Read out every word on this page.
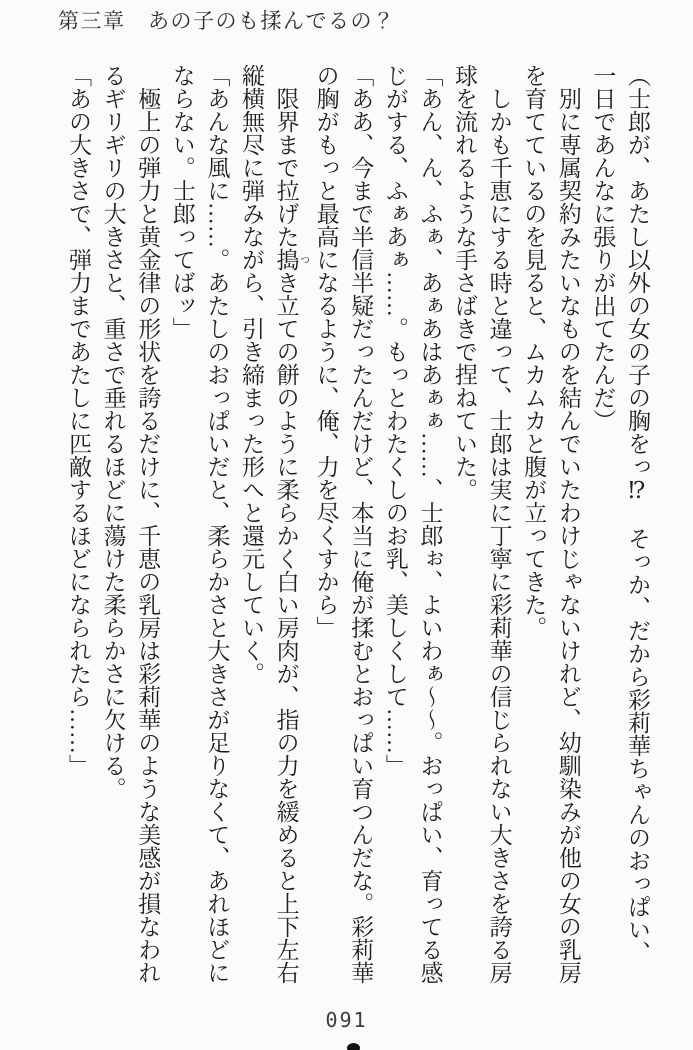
第三章　あの子のも揉んでるの？

（士郎が、あたし以外の女の子の胸をっ⁉　そっか、だから彩莉華ちゃんのおっぱい、一日であんなに張りが出てたんだ）

　別に専属契約みたいなものを結んでいたわけじゃないけれど、幼馴染みが他の女の乳房を育てているのを見ると、ムカムカと腹が立ってきた。

　しかも千恵にする時と違って、士郎は実に丁寧に彩莉華の信じられない大きさを誇る房球を流れるような手さばきで捏ねていた。

「あん、ん、ふぁ、あぁあはあぁぁ……、士郎ぉ、よいわぁ～～。おっぱい、育ってる感じがする、ふぁあぁ……。もっとわたくしのお乳、美しくして……」

「ああ、今まで半信半疑だったんだけど、本当に俺が揉むとおっぱい育つんだな。彩莉華の胸がもっと最高になるように、俺、力を尽くすから」

　限界まで拉げた搗 つき立ての餅のように柔らかく白い房肉が、指の力を緩めると上下左右縦横無尽に弾みながら、引き締まった形へと還元していく。

「あんな風に……。あたしのおっぱいだと、柔らかさと大きさが足りなくて、あれほどにならない。士郎ってばッ」

　極上の弾力と黄金律の形状を誇るだけに、千恵の乳房は彩莉華のような美感が損なわれるギリギリの大きさと、重さで垂れるほどに蕩けた柔らかさに欠ける。

「あの大きさで、弾力まであたしに匹敵するほどになられたら……」

091
